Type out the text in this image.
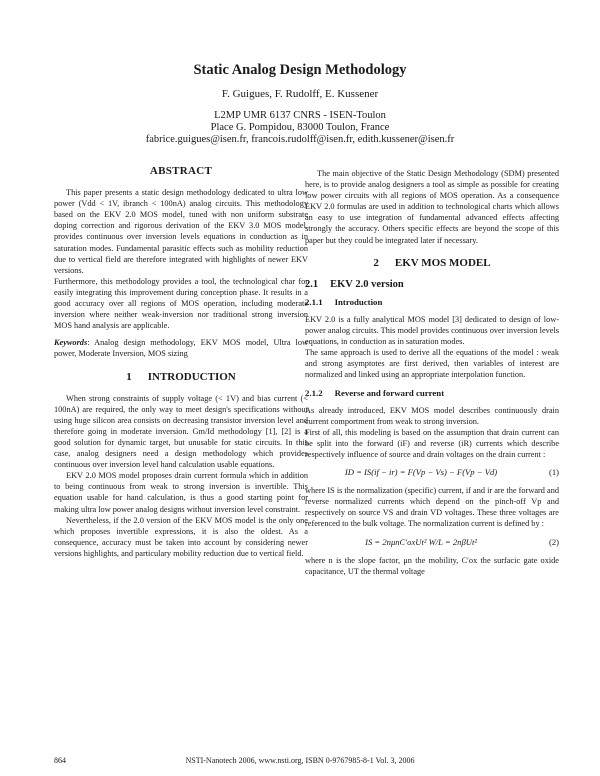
Static Analog Design Methodology
F. Guigues, F. Rudolff, E. Kussener
L2MP UMR 6137 CNRS - ISEN-Toulon
Place G. Pompidou, 83000 Toulon, France
fabrice.guigues@isen.fr, francois.rudolff@isen.fr, edith.kussener@isen.fr
ABSTRACT

This paper presents a static design methodology dedicated to ultra low power (Vdd < 1V, ibranch < 100nA) analog circuits. This methodology based on the EKV 2.0 MOS model, tuned with non uniform substrate doping correction and rigorous derivation of the EKV 3.0 MOS model, provides continuous over inversion levels equations in conduction as in saturation modes. Fundamental parasitic effects such as mobility reduction due to vertical field are therefore integrated with highlights of newer EKV versions.

Furthermore, this methodology provides a tool, the technological char for easily integrating this improvement during conception phase. It results in a good accuracy over all regions of MOS operation, including moderate inversion where neither weak-inversion nor traditional strong inversion MOS hand analysis are applicable.

Keywords: Analog design methodology, EKV MOS model, Ultra low power, Moderate Inversion, MOS sizing

1 INTRODUCTION

When strong constraints of supply voltage (< 1V) and bias current (< 100nA) are required, the only way to meet design's specifications without using huge silicon area consists on decreasing transistor inversion level and therefore going in moderate inversion. Gm/Id methodology [1], [2] is a good solution for dynamic target, but unusable for static circuits. In this case, analog designers need a design methodology which provides continuous over inversion level hand calculation usable equations.

EKV 2.0 MOS model proposes drain current formula which in addition to being continuous from weak to strong inversion is invertible. This equation usable for hand calculation, is thus a good starting point for making ultra low power analog designs without inversion level constraint.

Nevertheless, if the 2.0 version of the EKV MOS model is the only one which proposes invertible expressions, it is also the oldest. As a consequence, accuracy must be taken into account by considering newer versions highlights, and particulary mobility reduction due to vertical field.

The main objective of the Static Design Methodology (SDM) presented here, is to provide analog designers a tool as simple as possible for creating low power circuits with all regions of MOS operation. As a consequence EKV 2.0 formulas are used in addition to technological charts which allows an easy to use integration of fundamental advanced effects affecting strongly the accuracy. Others specific effects are beyond the scope of this paper but they could be integrated later if necessary.

2 EKV MOS MODEL
2.1 EKV 2.0 version
2.1.1 Introduction

EKV 2.0 is a fully analytical MOS model [3] dedicated to design of low-power analog circuits. This model provides continuous over inversion levels equations, in conduction as in saturation modes.

The same approach is used to derive all the equations of the model : weak and strong asymptotes are first derived, then variables of interest are normalized and linked using an appropriate interpolation function.

2.1.2 Reverse and forward current

As already introduced, EKV MOS model describes continuously drain current comportment from weak to strong inversion.

First of all, this modeling is based on the assumption that drain current can be split into the forward (iF) and reverse (iR) currents which describe respectively influence of source and drain voltages on the drain current :

ID = IS(if − ir) = F(Vp − Vs) − F(Vp − Vd)	(1)

where IS is the normalization (specific) current, if and ir are the forward and reverse normalized currents which depend on the pinch-off Vp and respectively on source VS and drain VD voltages. These three voltages are referenced to the bulk voltage. The normalization current is defined by :

IS = 2nμnC′oxUt² W/L = 2nβUt²	(2)

where n is the slope factor, μn the mobility, C′ox the surfacic gate oxide capacitance, UT the thermal voltage

864	NSTI-Nanotech 2006, www.nsti.org, ISBN 0-9767985-8-1 Vol. 3, 2006
